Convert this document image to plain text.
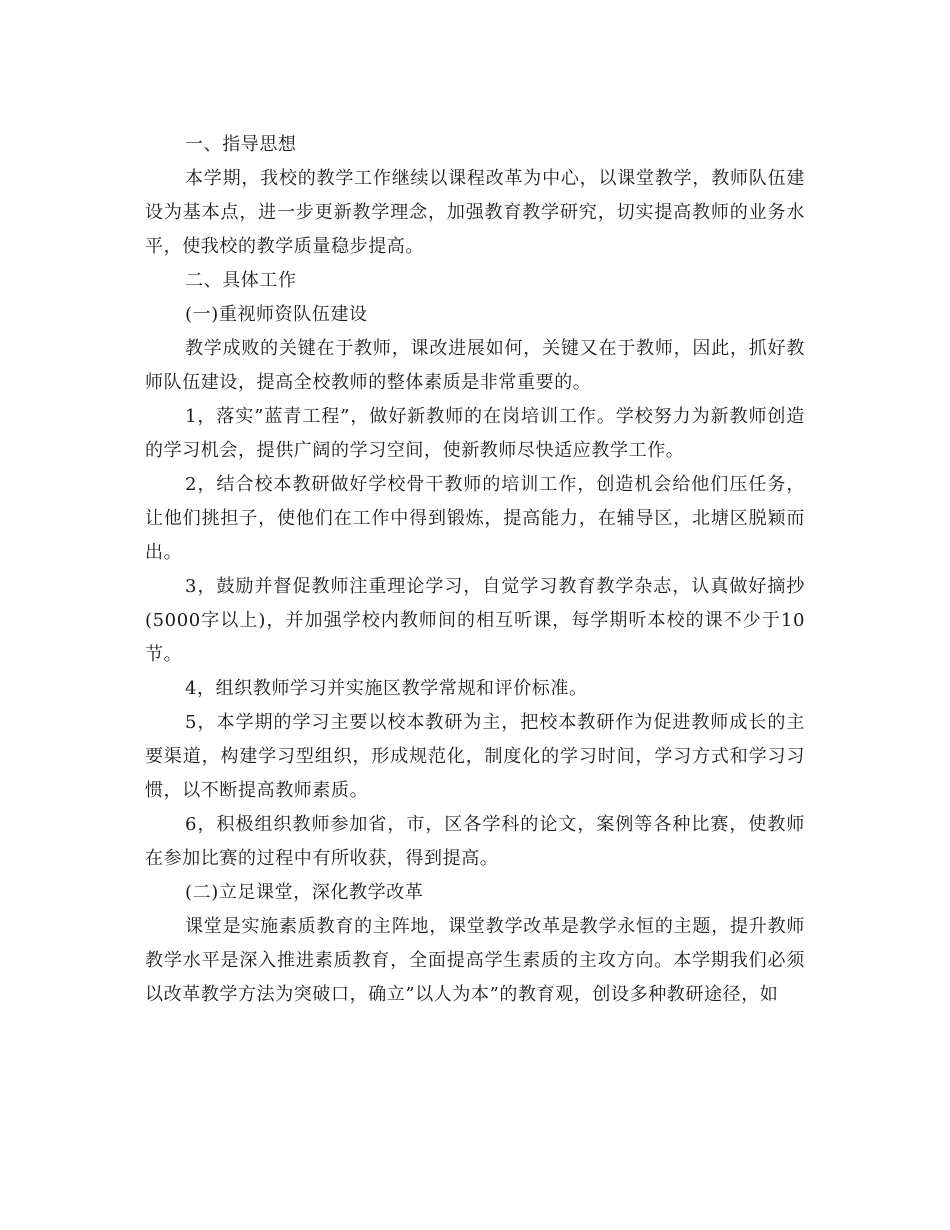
一、指导思想

本学期，我校的教学工作继续以课程改革为中心，以课堂教学，教师队伍建设为基本点，进一步更新教学理念，加强教育教学研究，切实提高教师的业务水平，使我校的教学质量稳步提高。

二、具体工作

(一)重视师资队伍建设

教学成败的关键在于教师，课改进展如何，关键又在于教师，因此，抓好教师队伍建设，提高全校教师的整体素质是非常重要的。

1，落实”蓝青工程”，做好新教师的在岗培训工作。学校努力为新教师创造的学习机会，提供广阔的学习空间，使新教师尽快适应教学工作。

2，结合校本教研做好学校骨干教师的培训工作，创造机会给他们压任务，让他们挑担子，使他们在工作中得到锻炼，提高能力，在辅导区，北塘区脱颖而出。

3，鼓励并督促教师注重理论学习，自觉学习教育教学杂志，认真做好摘抄(5000字以上)，并加强学校内教师间的相互听课，每学期听本校的课不少于10节。

4，组织教师学习并实施区教学常规和评价标准。

5，本学期的学习主要以校本教研为主，把校本教研作为促进教师成长的主要渠道，构建学习型组织，形成规范化，制度化的学习时间，学习方式和学习习惯，以不断提高教师素质。

6，积极组织教师参加省，市，区各学科的论文，案例等各种比赛，使教师在参加比赛的过程中有所收获，得到提高。

(二)立足课堂，深化教学改革

课堂是实施素质教育的主阵地，课堂教学改革是教学永恒的主题，提升教师教学水平是深入推进素质教育，全面提高学生素质的主攻方向。本学期我们必须以改革教学方法为突破口，确立”以人为本”的教育观，创设多种教研途径，如
